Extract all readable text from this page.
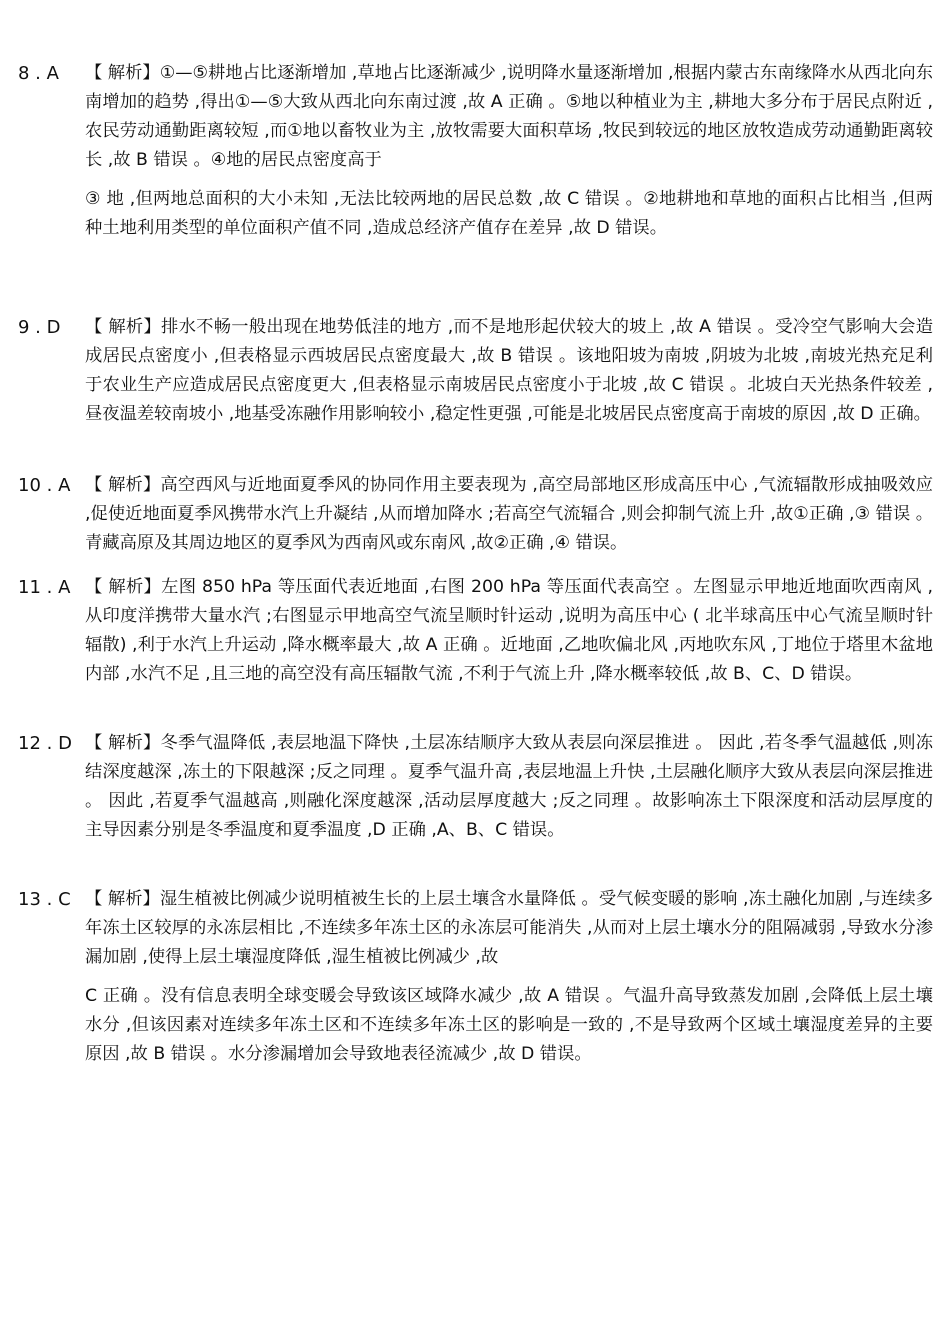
8 . A	【 解析】①—⑤耕地占比逐渐增加 ,草地占比逐渐减少 ,说明降水量逐渐增加 ,根据内蒙古东南缘降水从西北向东南增加的趋势 ,得出①—⑤大致从西北向东南过渡 ,故 A 正确 。⑤地以种植业为主 ,耕地大多分布于居民点附近 ,农民劳动通勤距离较短 ,而①地以畜牧业为主 ,放牧需要大面积草场 ,牧民到较远的地区放牧造成劳动通勤距离较长 ,故 B 错误 。④地的居民点密度高于

③ 地 ,但两地总面积的大小未知 ,无法比较两地的居民总数 ,故 C 错误 。②地耕地和草地的面积占比相当 ,但两种土地利用类型的单位面积产值不同 ,造成总经济产值存在差异 ,故 D 错误。

9 . D	【 解析】排水不畅一般出现在地势低洼的地方 ,而不是地形起伏较大的坡上 ,故 A 错误 。受冷空气影响大会造成居民点密度小 ,但表格显示西坡居民点密度最大 ,故 B 错误 。该地阳坡为南坡 ,阴坡为北坡 ,南坡光热充足利于农业生产应造成居民点密度更大 ,但表格显示南坡居民点密度小于北坡 ,故 C 错误 。北坡白天光热条件较差 ,昼夜温差较南坡小 ,地基受冻融作用影响较小 ,稳定性更强 ,可能是北坡居民点密度高于南坡的原因 ,故 D 正确。

10 . A 【 解析】高空西风与近地面夏季风的协同作用主要表现为 ,高空局部地区形成高压中心 ,气流辐散形成抽吸效应 ,促使近地面夏季风携带水汽上升凝结 ,从而增加降水 ;若高空气流辐合 ,则会抑制气流上升 ,故①正确 ,③ 错误 。青藏高原及其周边地区的夏季风为西南风或东南风 ,故②正确 ,④ 错误。

11 . A 【 解析】左图 850 hPa 等压面代表近地面 ,右图 200 hPa 等压面代表高空 。左图显示甲地近地面吹西南风 ,从印度洋携带大量水汽 ;右图显示甲地高空气流呈顺时针运动 ,说明为高压中心 ( 北半球高压中心气流呈顺时针辐散) ,利于水汽上升运动 ,降水概率最大 ,故 A 正确 。近地面 ,乙地吹偏北风 ,丙地吹东风 ,丁地位于塔里木盆地内部 ,水汽不足 ,且三地的高空没有高压辐散气流 ,不利于气流上升 ,降水概率较低 ,故 B、C、D 错误。

12 . D 【 解析】冬季气温降低 ,表层地温下降快 ,土层冻结顺序大致从表层向深层推进 。 因此 ,若冬季气温越低 ,则冻结深度越深 ,冻土的下限越深 ;反之同理 。夏季气温升高 ,表层地温上升快 ,土层融化顺序大致从表层向深层推进 。 因此 ,若夏季气温越高 ,则融化深度越深 ,活动层厚度越大 ;反之同理 。故影响冻土下限深度和活动层厚度的主导因素分别是冬季温度和夏季温度 ,D 正确 ,A、B、C 错误。

13 . C 【 解析】湿生植被比例减少说明植被生长的上层土壤含水量降低 。受气候变暖的影响 ,冻土融化加剧 ,与连续多年冻土区较厚的永冻层相比 ,不连续多年冻土区的永冻层可能消失 ,从而对上层土壤水分的阻隔减弱 ,导致水分渗漏加剧 ,使得上层土壤湿度降低 ,湿生植被比例减少 ,故

C 正确 。没有信息表明全球变暖会导致该区域降水减少 ,故 A 错误 。气温升高导致蒸发加剧 ,会降低上层土壤水分 ,但该因素对连续多年冻土区和不连续多年冻土区的影响是一致的 ,不是导致两个区域土壤湿度差异的主要原因 ,故 B 错误 。水分渗漏增加会导致地表径流减少 ,故 D 错误。
